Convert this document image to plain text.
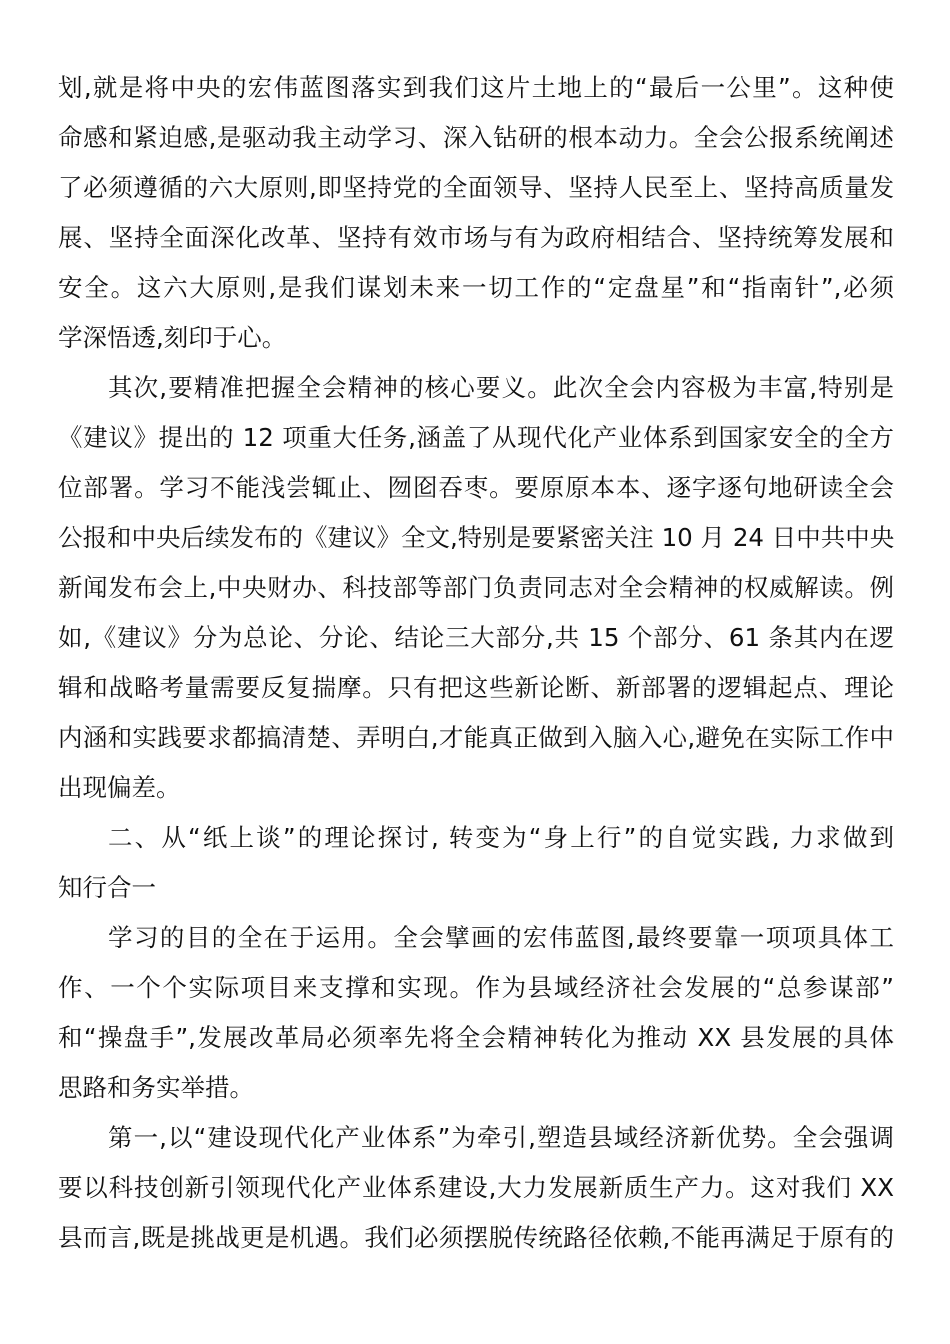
划,就是将中央的宏伟蓝图落实到我们这片土地上的“最后一公里”。这种使
命感和紧迫感,是驱动我主动学习、深入钻研的根本动力。全会公报系统阐述
了必须遵循的六大原则,即坚持党的全面领导、坚持人民至上、坚持高质量发
展、坚持全面深化改革、坚持有效市场与有为政府相结合、坚持统筹发展和
安全。这六大原则,是我们谋划未来一切工作的“定盘星”和“指南针”,必须
学深悟透,刻印于心。
其次,要精准把握全会精神的核心要义。此次全会内容极为丰富,特别是
《建议》提出的 12 项重大任务,涵盖了从现代化产业体系到国家安全的全方
位部署。学习不能浅尝辄止、囫囵吞枣。要原原本本、逐字逐句地研读全会
公报和中央后续发布的《建议》全文,特别是要紧密关注 10 月 24 日中共中央
新闻发布会上,中央财办、科技部等部门负责同志对全会精神的权威解读。例
如,《建议》分为总论、分论、结论三大部分,共 15 个部分、61 条其内在逻
辑和战略考量需要反复揣摩。只有把这些新论断、新部署的逻辑起点、理论
内涵和实践要求都搞清楚、弄明白,才能真正做到入脑入心,避免在实际工作中
出现偏差。
二、从“纸上谈”的理论探讨, 转变为“身上行”的自觉实践, 力求做到
知行合一
学习的目的全在于运用。全会擘画的宏伟蓝图,最终要靠一项项具体工
作、一个个实际项目来支撑和实现。作为县域经济社会发展的“总参谋部”
和“操盘手”,发展改革局必须率先将全会精神转化为推动 XX 县发展的具体
思路和务实举措。
第一,以“建设现代化产业体系”为牵引,塑造县域经济新优势。全会强调
要以科技创新引领现代化产业体系建设,大力发展新质生产力。这对我们 XX
县而言,既是挑战更是机遇。我们必须摆脱传统路径依赖,不能再满足于原有的
